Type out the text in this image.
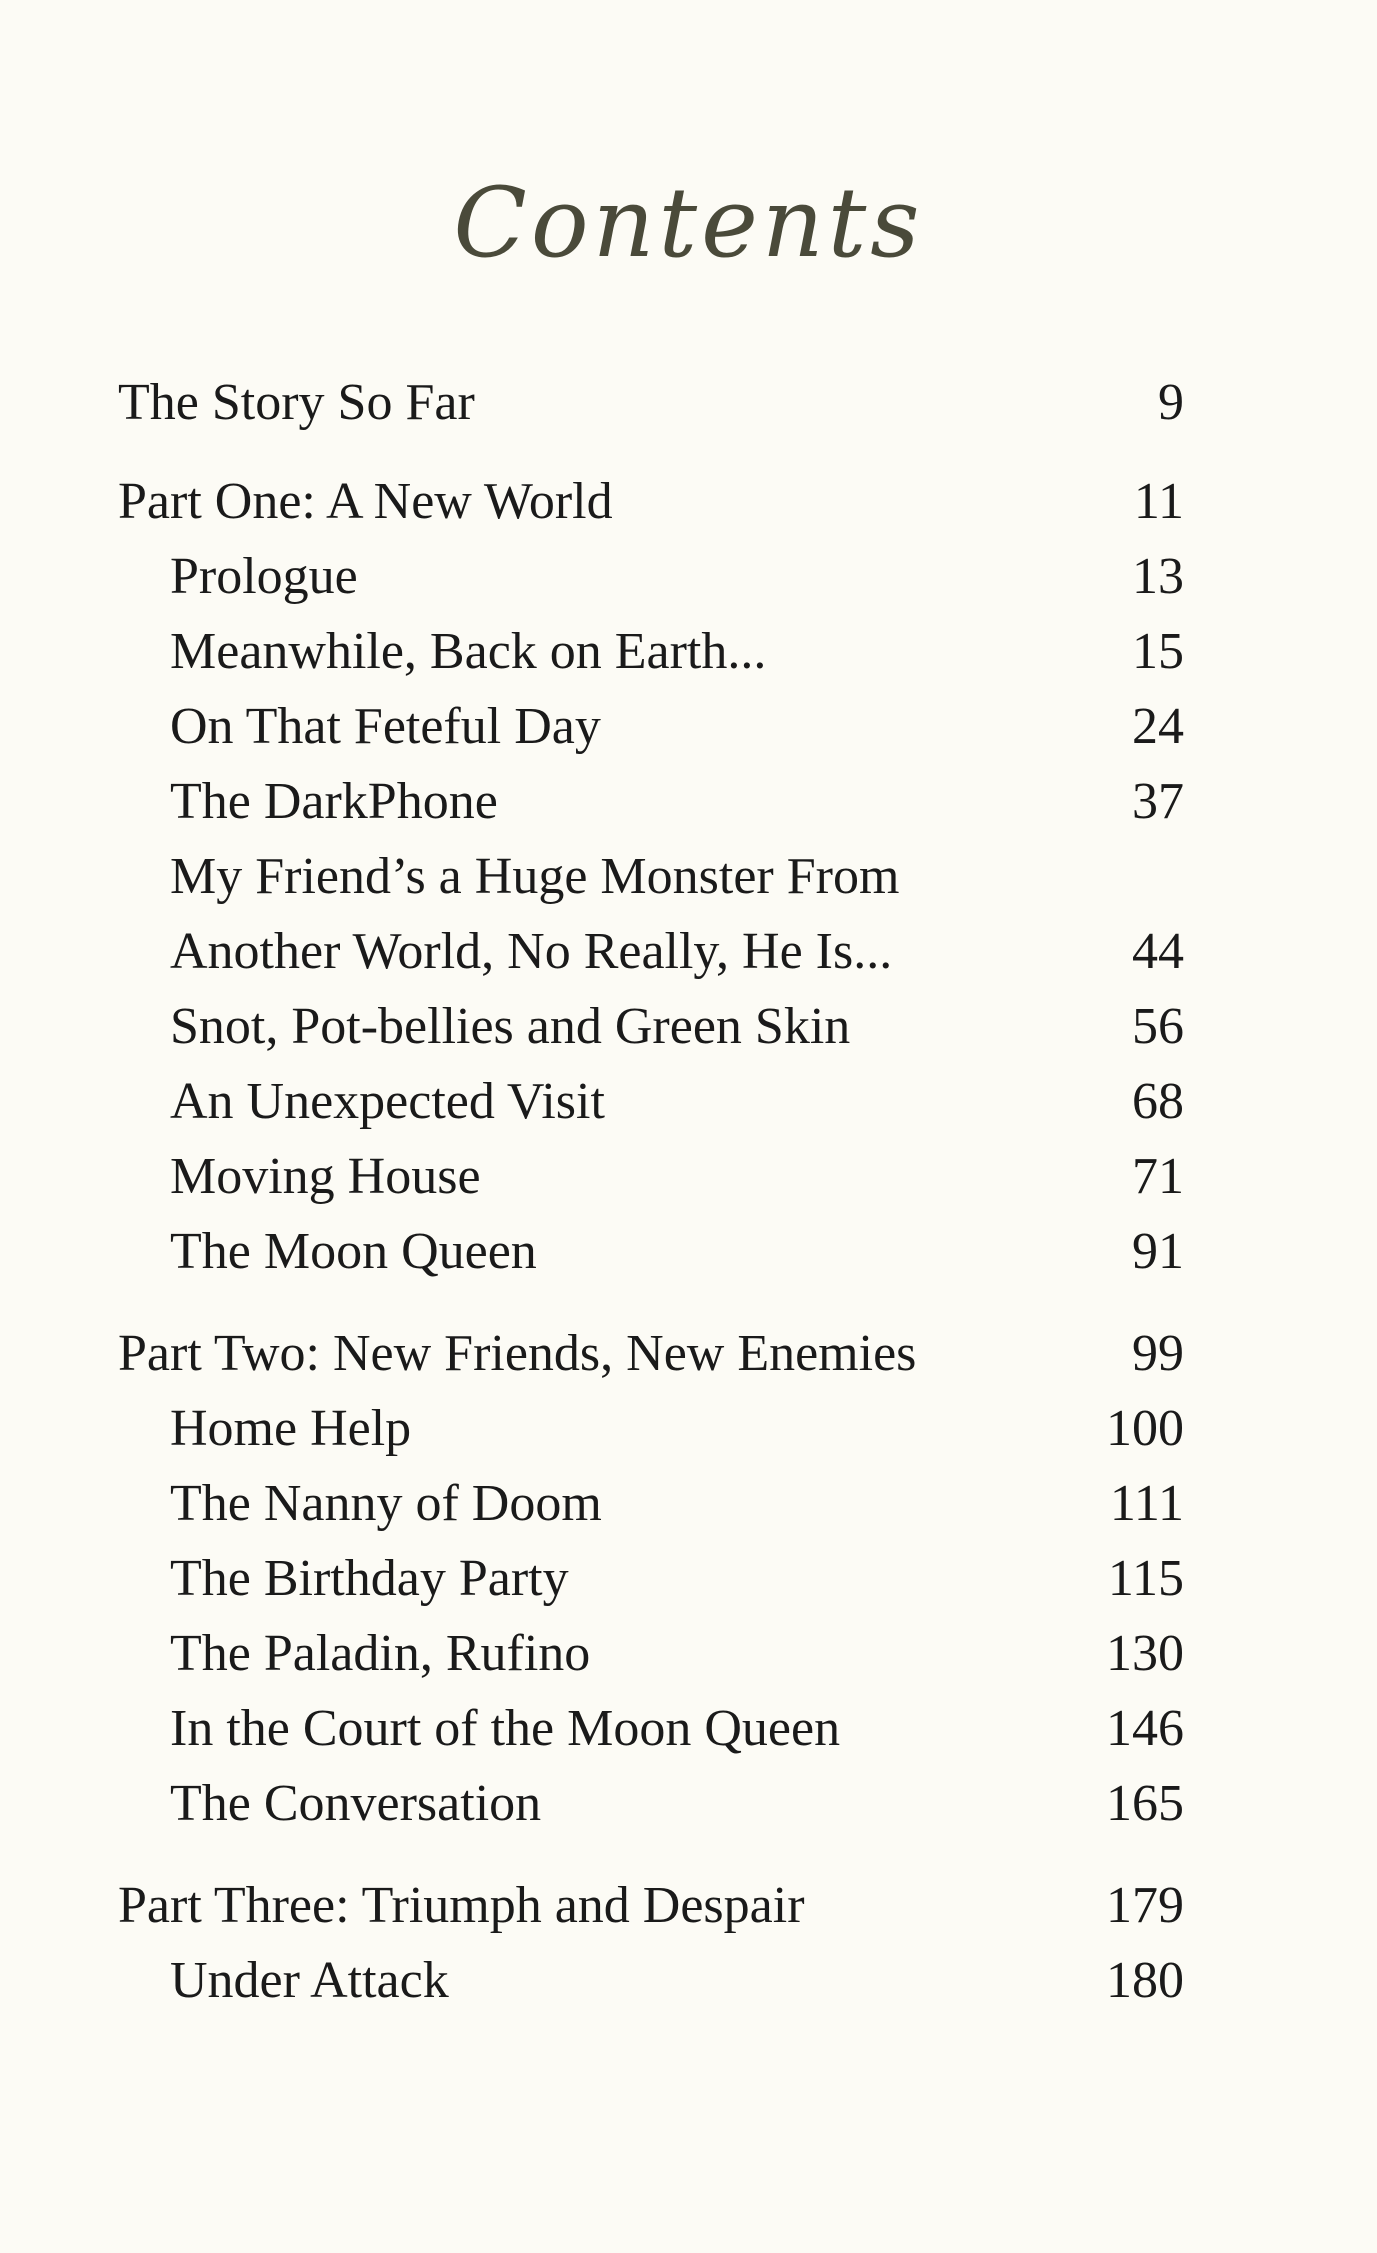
Contents
The Story So Far	9
Part One: A New World	11
Prologue	13
Meanwhile, Back on Earth...	15
On That Feteful Day	24
The DarkPhone	37
My Friend’s a Huge Monster From
Another World, No Really, He Is...	44
Snot, Pot-bellies and Green Skin	56
An Unexpected Visit	68
Moving House	71
The Moon Queen	91
Part Two: New Friends, New Enemies	99
Home Help	100
The Nanny of Doom	111
The Birthday Party	115
The Paladin, Rufino	130
In the Court of the Moon Queen	146
The Conversation	165
Part Three: Triumph and Despair	179
Under Attack	180
